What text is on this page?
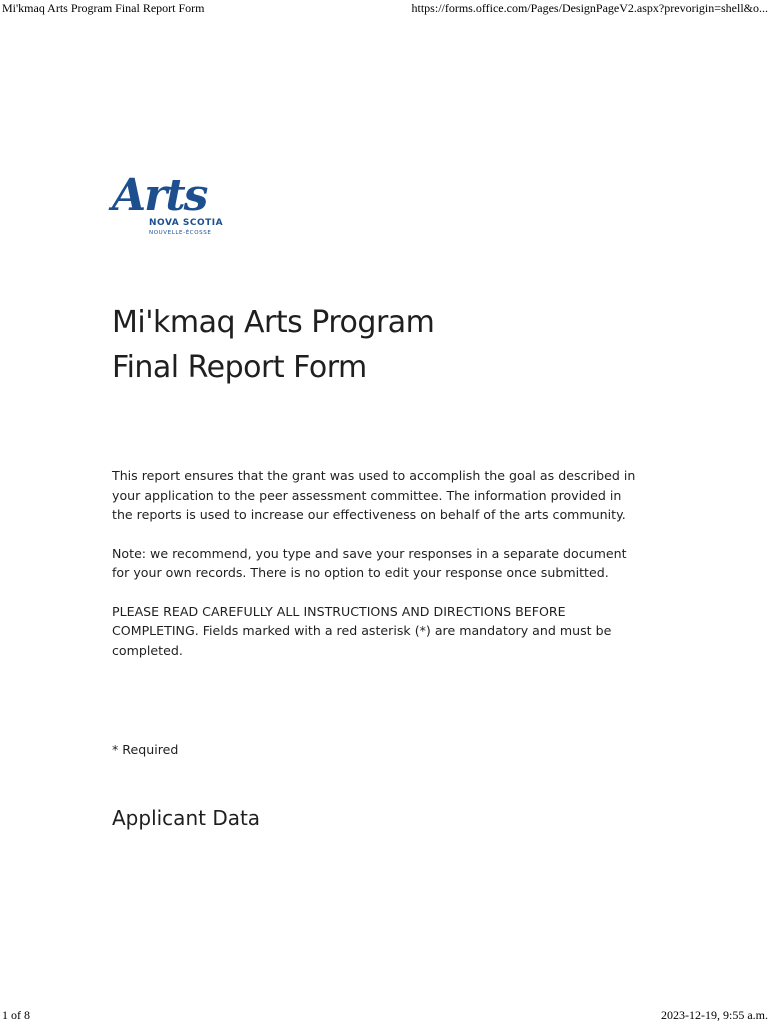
Mi'kmaq Arts Program Final Report Form	https://forms.office.com/Pages/DesignPageV2.aspx?prevorigin=shell&o...
Arts
NOVA SCOTIA
NOUVELLE-ÉCOSSE
Mi'kmaq Arts Program
Final Report Form

This report ensures that the grant was used to accomplish the goal as described in your application to the peer assessment committee. The information provided in the reports is used to increase our effectiveness on behalf of the arts community.

Note: we recommend, you type and save your responses in a separate document for your own records. There is no option to edit your response once submitted.

PLEASE READ CAREFULLY ALL INSTRUCTIONS AND DIRECTIONS BEFORE COMPLETING. Fields marked with a red asterisk (*) are mandatory and must be completed.

* Required
Applicant Data
1 of 8	2023-12-19, 9:55 a.m.
